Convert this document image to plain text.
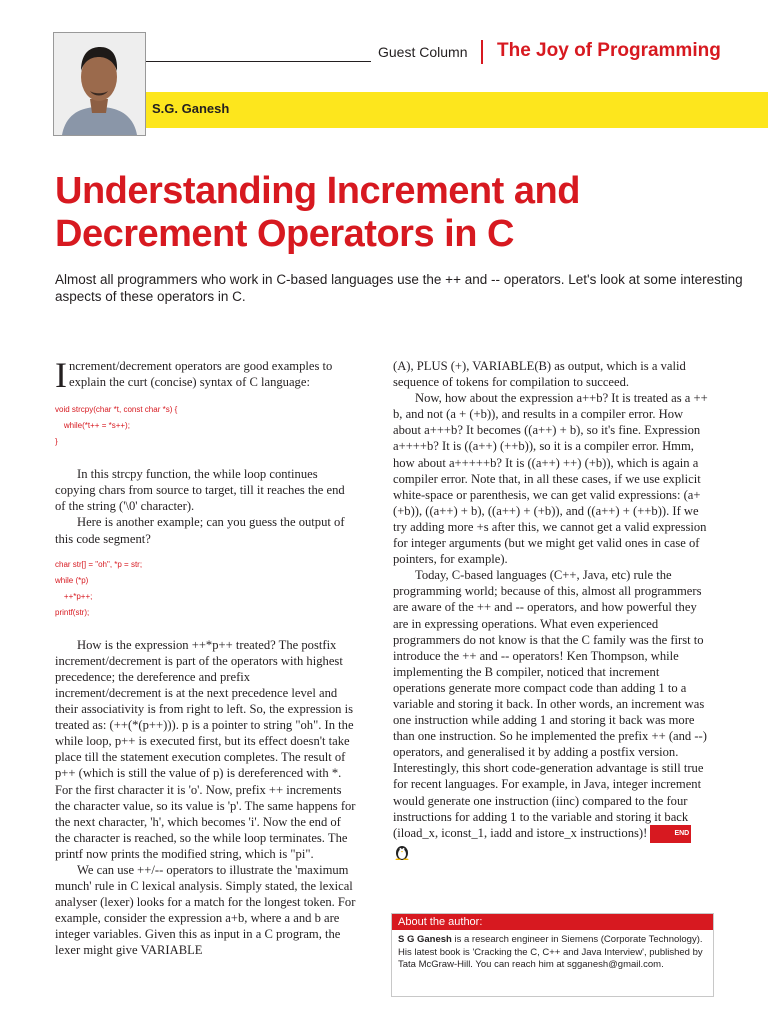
Guest Column The Joy of Programming
S.G. Ganesh
Understanding Increment and
Decrement Operators in C
Almost all programmers who work in C-based languages use the ++ and -- operators. Let's look at some interesting aspects of these operators in C.

Increment/decrement operators are good examples to explain the curt (concise) syntax of C language:

void strcpy(char *t, const char *s) {
while(*t++ = *s++);
}

In this strcpy function, the while loop continues copying chars from source to target, till it reaches the end of the string ('\0' character).

Here is another example; can you guess the output of this code segment?

char str[] = "oh", *p = str;
while (*p)
++*p++;
printf(str);

How is the expression ++*p++ treated? The postfix increment/decrement is part of the operators with highest precedence; the dereference and prefix increment/decrement is at the next precedence level and their associativity is from right to left. So, the expression is treated as: (++(*(p++))). p is a pointer to string "oh". In the while loop, p++ is executed first, but its effect doesn't take place till the statement execution completes. The result of p++ (which is still the value of p) is dereferenced with *. For the first character it is 'o'. Now, prefix ++ increments the character value, so its value is 'p'. The same happens for the next character, 'h', which becomes 'i'. Now the end of the character is reached, so the while loop terminates. The printf now prints the modified string, which is "pi".

We can use ++/-- operators to illustrate the 'maximum munch' rule in C lexical analysis. Simply stated, the lexical analyser (lexer) looks for a match for the longest token. For example, consider the expression a+b, where a and b are integer variables. Given this as input in a C program, the lexer might give VARIABLE

(A), PLUS (+), VARIABLE(B) as output, which is a valid sequence of tokens for compilation to succeed.

Now, how about the expression a++b? It is treated as a ++ b, and not (a + (+b)), and results in a compiler error. How about a+++b? It becomes ((a++) + b), so it's fine. Expression a++++b? It is ((a++) (++b)), so it is a compiler error. Hmm, how about a+++++b? It is ((a++) ++) (+b)), which is again a compiler error. Note that, in all these cases, if we use explicit white-space or parenthesis, we can get valid expressions: (a+ (+b)), ((a++) + b), ((a++) + (+b)), and ((a++) + (++b)). If we try adding more +s after this, we cannot get a valid expression for integer arguments (but we might get valid ones in case of pointers, for example).

Today, C-based languages (C++, Java, etc) rule the programming world; because of this, almost all programmers are aware of the ++ and -- operators, and how powerful they are in expressing operations. What even experienced programmers do not know is that the C family was the first to introduce the ++ and -- operators! Ken Thompson, while implementing the B compiler, noticed that increment operations generate more compact code than adding 1 to a variable and storing it back. In other words, an increment was one instruction while adding 1 and storing it back was more than one instruction. So he implemented the prefix ++ (and --) operators, and generalised it by adding a postfix version. Interestingly, this short code-generation advantage is still true for recent languages. For example, in Java, integer increment would generate one instruction (iinc) compared to the four instructions for adding 1 to the variable and storing it back (iload_x, iconst_1, iadd and istore_x instructions)!	END

About the author:
S G Ganesh is a research engineer in Siemens (Corporate Technology). His latest book is 'Cracking the C, C++ and Java Interview', published by Tata McGraw-Hill. You can reach him at sgganesh@gmail.com.
